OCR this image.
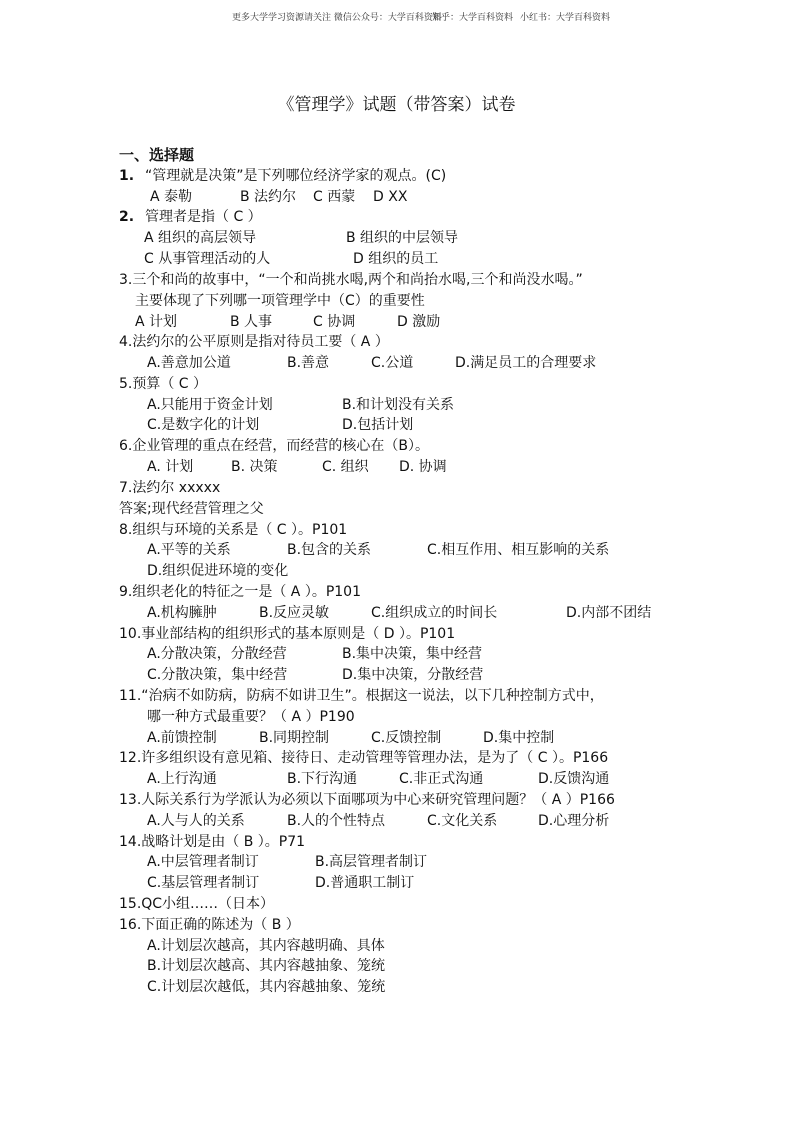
更多大学学习资源请关注 微信公众号：大学百科资料
知乎：大学百科资料 小红书：大学百科资料
《管理学》试题（带答案）试卷
一、选择题
1. “管理就是决策”是下列哪位经济学家的观点。(C)
A 泰勒	B 法约尔 C 西蒙 D XX
2. 管理者是指（ C ）
A 组织的高层领导	B 组织的中层领导
C 从事管理活动的人	D 组织的员工
3.三个和尚的故事中，“一个和尚挑水喝,两个和尚抬水喝,三个和尚没水喝。”
主要体现了下列哪一项管理学中（C）的重要性
A 计划	B 人事	C 协调	D 激励
4.法约尔的公平原则是指对待员工要（ A ）
A.善意加公道	B.善意	C.公道	D.满足员工的合理要求
5.预算（ C ）
A.只能用于资金计划	B.和计划没有关系
C.是数字化的计划	D.包括计划
6.企业管理的重点在经营，而经营的核心在（B）。
A. 计划	B. 决策	C. 组织 D. 协调
7.法约尔 xxxxx
答案;现代经营管理之父
8.组织与环境的关系是（ C ）。P101
A.平等的关系	B.包含的关系	C.相互作用、相互影响的关系
D.组织促进环境的变化
9.组织老化的特征之一是（ A ）。P101
A.机构臃肿	B.反应灵敏	C.组织成立的时间长	D.内部不团结
10.事业部结构的组织形式的基本原则是（ D ）。P101
A.分散决策，分散经营	B.集中决策，集中经营
C.分散决策，集中经营	D.集中决策，分散经营
11.“治病不如防病，防病不如讲卫生”。根据这一说法，以下几种控制方式中，
哪一种方式最重要？（ A ）P190
A.前馈控制	B.同期控制	C.反馈控制	D.集中控制
12.许多组织设有意见箱、接待日、走动管理等管理办法，是为了（ C ）。P166
A.上行沟通	B.下行沟通	C.非正式沟通	D.反馈沟通
13.人际关系行为学派认为必须以下面哪项为中心来研究管理问题？（ A ）P166
A.人与人的关系	B.人的个性特点	C.文化关系	D.心理分析
14.战略计划是由（ B ）。P71
A.中层管理者制订	B.高层管理者制订
C.基层管理者制订	D.普通职工制订
15.QC小组……（日本）
16.下面正确的陈述为（ B ）
A.计划层次越高，其内容越明确、具体
B.计划层次越高、其内容越抽象、笼统
C.计划层次越低，其内容越抽象、笼统
